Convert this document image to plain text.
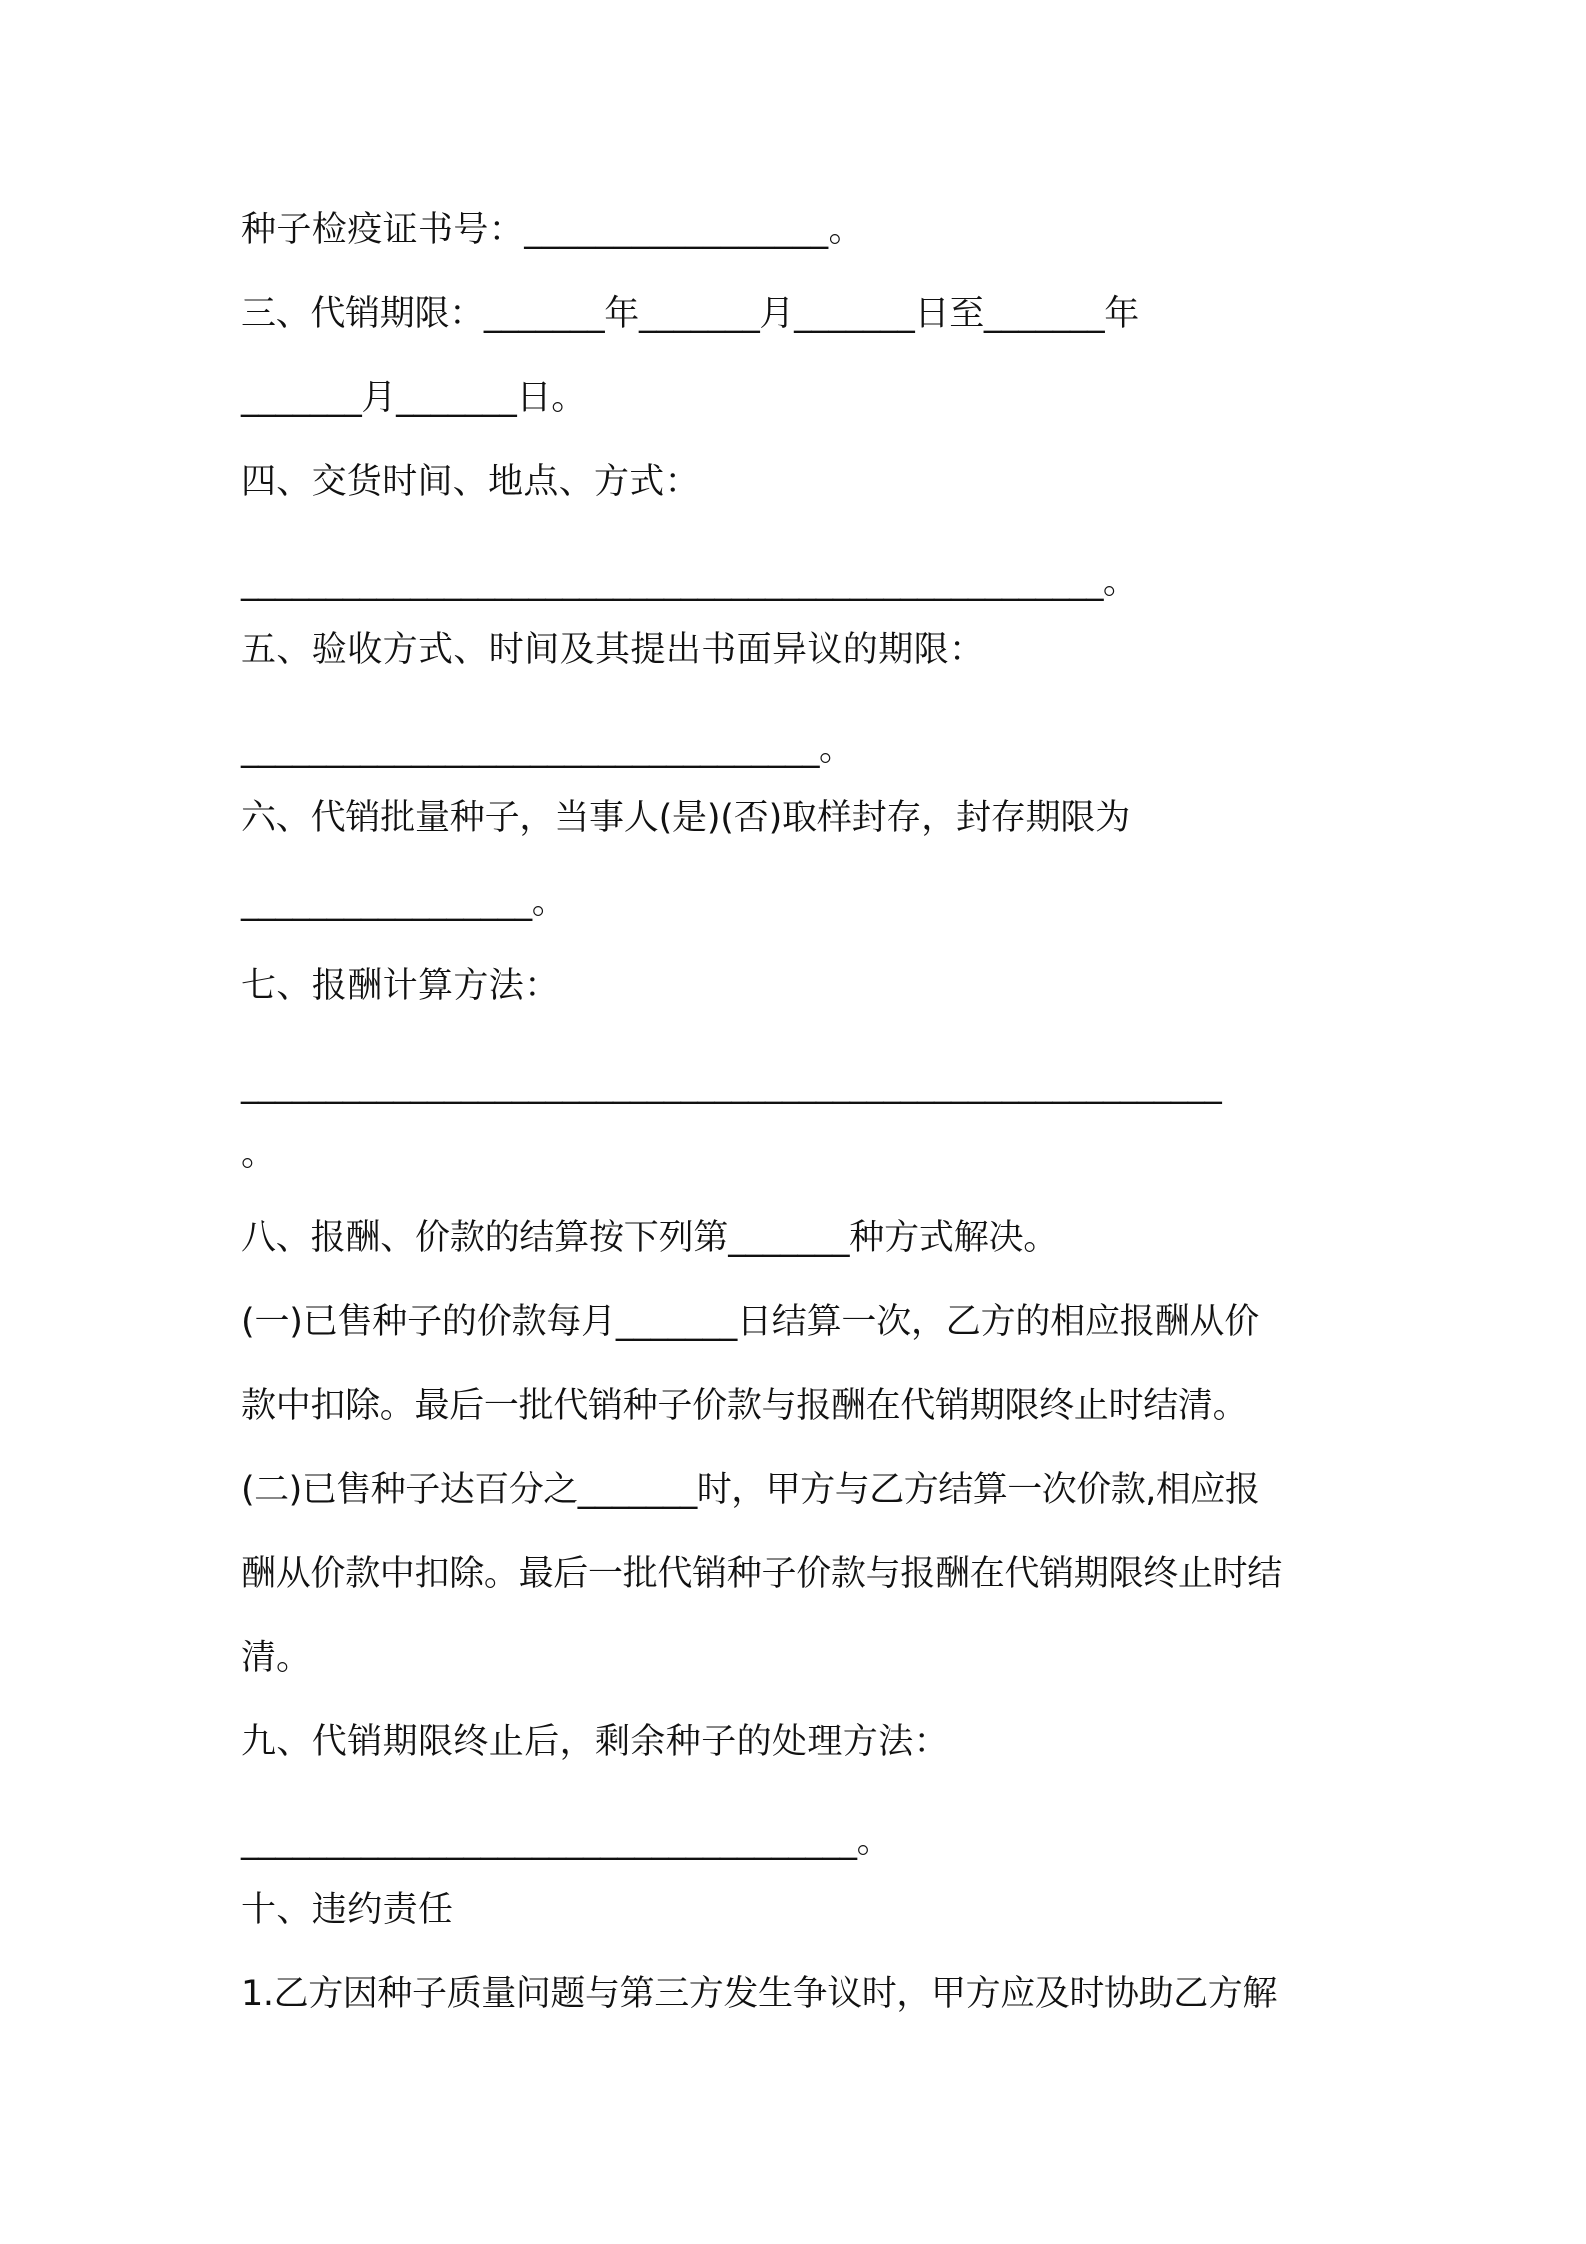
种子检疫证书号：_________________。
三、代销期限：_______年_______月_______日至_______年
_______月_______日。
四、交货时间、地点、方式：
___________________________________________________。
五、验收方式、时间及其提出书面异议的期限：
__________________________________。
六、代销批量种子，当事人(是)(否)取样封存，封存期限为
_________________。
七、报酬计算方法：
__________________________________________________________
。
八、报酬、价款的结算按下列第_______种方式解决。
(一)已售种子的价款每月_______日结算一次，乙方的相应报酬从价
款中扣除。最后一批代销种子价款与报酬在代销期限终止时结清。
(二)已售种子达百分之_______时，甲方与乙方结算一次价款,相应报
酬从价款中扣除。最后一批代销种子价款与报酬在代销期限终止时结
清。
九、代销期限终止后，剩余种子的处理方法：
____________________________________。
十、违约责任
1.乙方因种子质量问题与第三方发生争议时，甲方应及时协助乙方解
